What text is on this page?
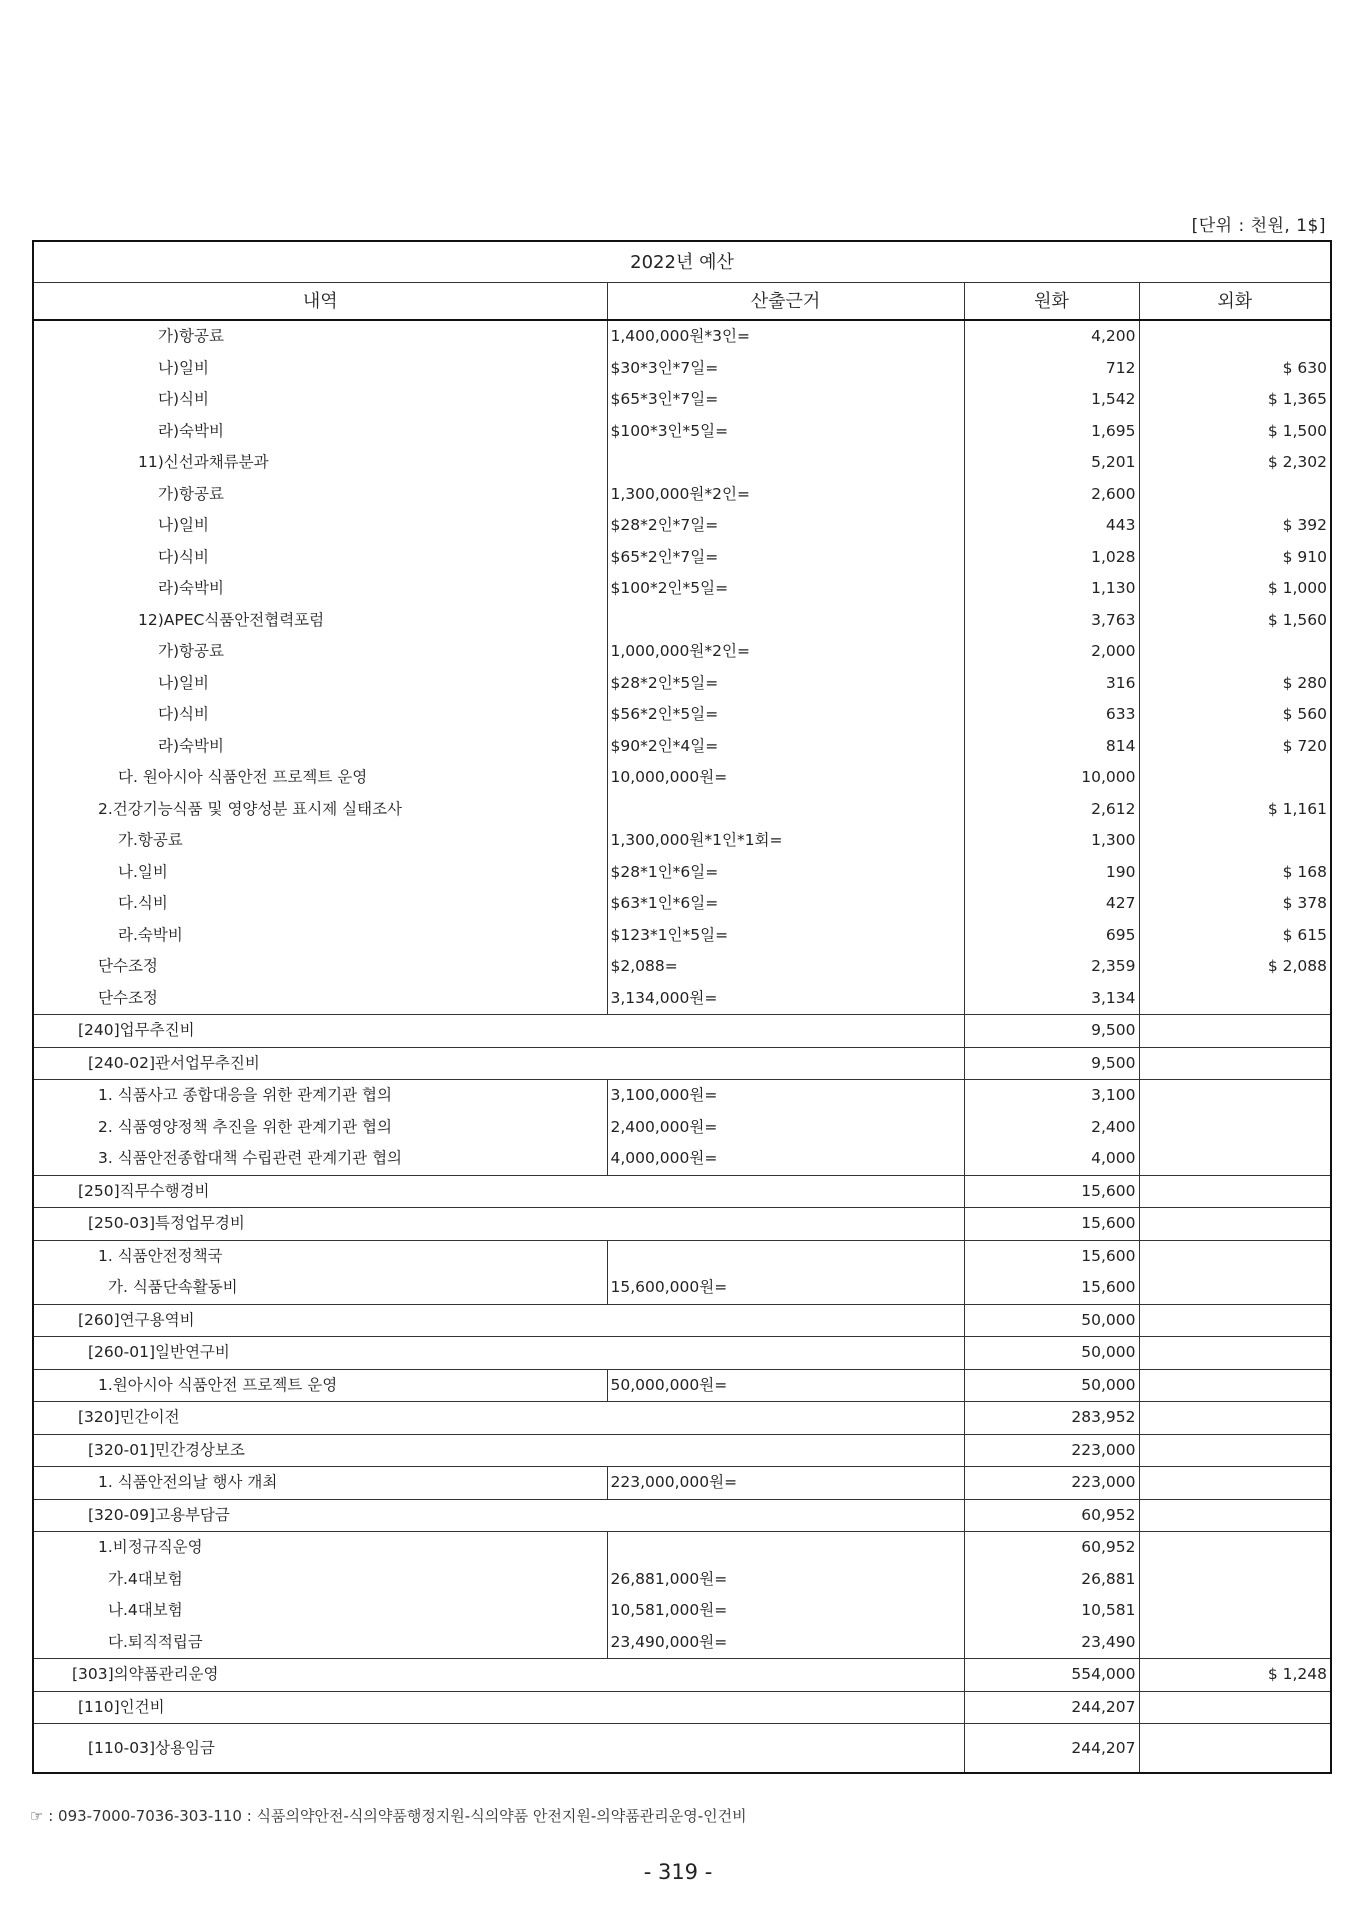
[단위 : 천원, 1$]
2022년 예산			
내역	산출근거	원화	외화
가)항공료	1,400,000원*3인=	4,200	
나)일비	$30*3인*7일=	712	$ 630
다)식비	$65*3인*7일=	1,542	$ 1,365
라)숙박비	$100*3인*5일=	1,695	$ 1,500
11)신선과채류분과		5,201	$ 2,302
가)항공료	1,300,000원*2인=	2,600	
나)일비	$28*2인*7일=	443	$ 392
다)식비	$65*2인*7일=	1,028	$ 910
라)숙박비	$100*2인*5일=	1,130	$ 1,000
12)APEC식품안전협력포럼		3,763	$ 1,560
가)항공료	1,000,000원*2인=	2,000	
나)일비	$28*2인*5일=	316	$ 280
다)식비	$56*2인*5일=	633	$ 560
라)숙박비	$90*2인*4일=	814	$ 720
다. 원아시아 식품안전 프로젝트 운영	10,000,000원=	10,000	
2.건강기능식품 및 영양성분 표시제 실태조사		2,612	$ 1,161
가.항공료	1,300,000원*1인*1회=	1,300	
나.일비	$28*1인*6일=	190	$ 168
다.식비	$63*1인*6일=	427	$ 378
라.숙박비	$123*1인*5일=	695	$ 615
단수조정	$2,088=	2,359	$ 2,088
단수조정	3,134,000원=	3,134	
[240]업무추진비		9,500	
[240-02]관서업무추진비		9,500	
1. 식품사고 종합대응을 위한 관계기관 협의	3,100,000원=	3,100	
2. 식품영양정책 추진을 위한 관계기관 협의	2,400,000원=	2,400	
3. 식품안전종합대책 수립관련 관계기관 협의	4,000,000원=	4,000	
[250]직무수행경비		15,600	
[250-03]특정업무경비		15,600	
1. 식품안전정책국		15,600	
가. 식품단속활동비	15,600,000원=	15,600	
[260]연구용역비		50,000	
[260-01]일반연구비		50,000	
1.원아시아 식품안전 프로젝트 운영	50,000,000원=	50,000	
[320]민간이전		283,952	
[320-01]민간경상보조		223,000	
1. 식품안전의날 행사 개최	223,000,000원=	223,000	
[320-09]고용부담금		60,952	
1.비정규직운영		60,952	
가.4대보험	26,881,000원=	26,881	
나.4대보험	10,581,000원=	10,581	
다.퇴직적립금	23,490,000원=	23,490	
[303]의약품관리운영		554,000	$ 1,248
[110]인건비		244,207	
[110-03]상용임금		244,207	
☞ : 093-7000-7036-303-110 : 식품의약안전-식의약품행정지원-식의약품 안전지원-의약품관리운영-인건비
- 319 -
